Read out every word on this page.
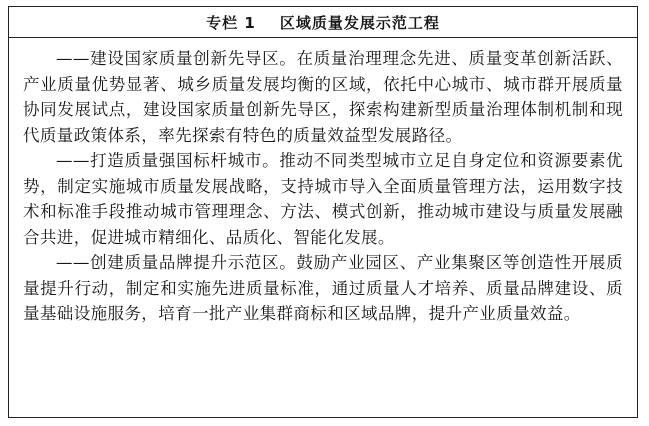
专栏 1 区域质量发展示范工程

——建设国家质量创新先导区。在质量治理理念先进、质量变革创新活跃、产业质量优势显著、城乡质量发展均衡的区域，依托中心城市、城市群开展质量协同发展试点，建设国家质量创新先导区，探索构建新型质量治理体制机制和现代质量政策体系，率先探索有特色的质量效益型发展路径。

——打造质量强国标杆城市。推动不同类型城市立足自身定位和资源要素优势，制定实施城市质量发展战略，支持城市导入全面质量管理方法，运用数字技术和标准手段推动城市管理理念、方法、模式创新，推动城市建设与质量发展融合共进，促进城市精细化、品质化、智能化发展。

——创建质量品牌提升示范区。鼓励产业园区、产业集聚区等创造性开展质量提升行动，制定和实施先进质量标准，通过质量人才培养、质量品牌建设、质量基础设施服务，培育一批产业集群商标和区域品牌，提升产业质量效益。
